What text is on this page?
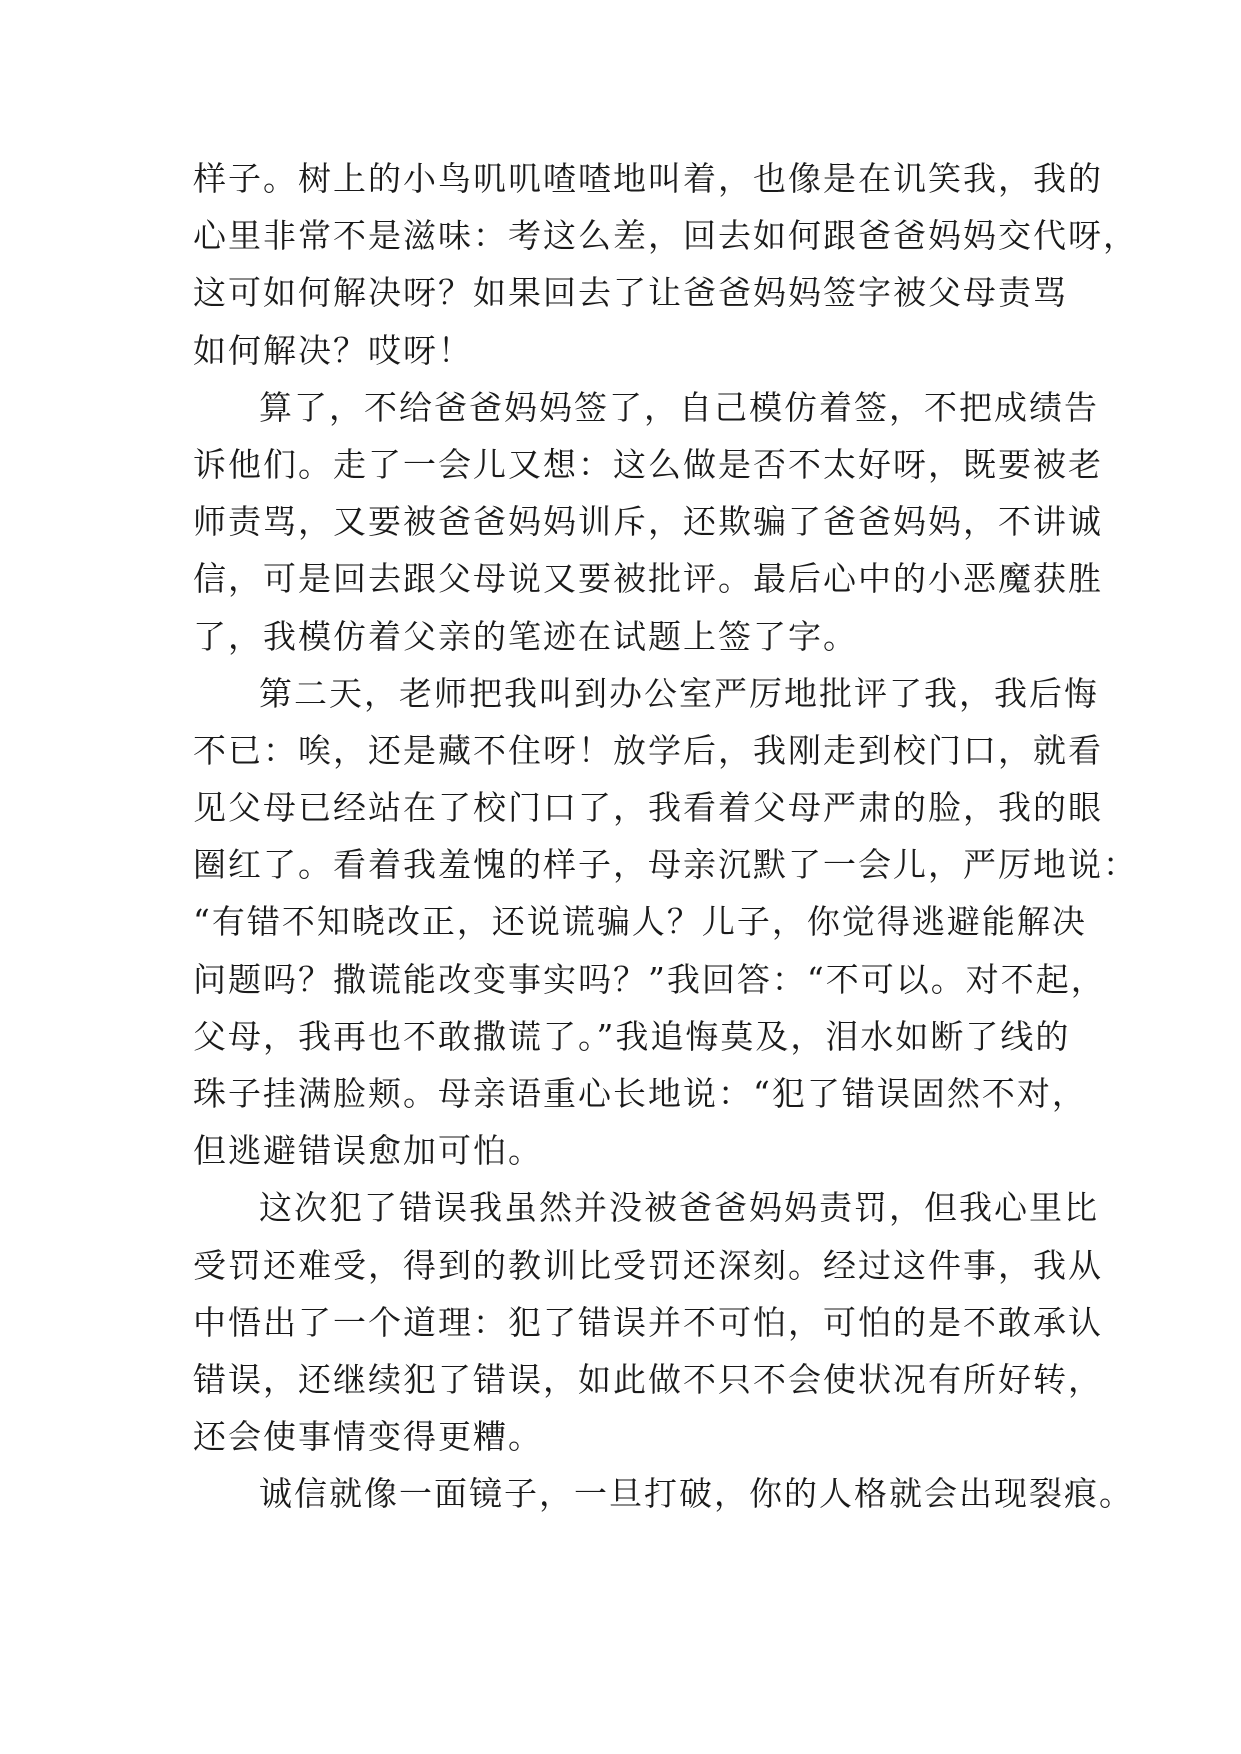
样子。树上的小鸟叽叽喳喳地叫着，也像是在讥笑我，我的
心里非常不是滋味：考这么差，回去如何跟爸爸妈妈交代呀，
这可如何解决呀？如果回去了让爸爸妈妈签字被父母责骂
如何解决？哎呀！
算了，不给爸爸妈妈签了，自己模仿着签，不把成绩告
诉他们。走了一会儿又想：这么做是否不太好呀，既要被老
师责骂，又要被爸爸妈妈训斥，还欺骗了爸爸妈妈，不讲诚
信，可是回去跟父母说又要被批评。最后心中的小恶魔获胜
了，我模仿着父亲的笔迹在试题上签了字。
第二天，老师把我叫到办公室严厉地批评了我，我后悔
不已：唉，还是藏不住呀！放学后，我刚走到校门口，就看
见父母已经站在了校门口了，我看着父母严肃的脸，我的眼
圈红了。看着我羞愧的样子，母亲沉默了一会儿，严厉地说：
“有错不知晓改正，还说谎骗人？儿子，你觉得逃避能解决
问题吗？撒谎能改变事实吗？”我回答：“不可以。对不起，
父母，我再也不敢撒谎了。”我追悔莫及，泪水如断了线的
珠子挂满脸颊。母亲语重心长地说：“犯了错误固然不对，
但逃避错误愈加可怕。
这次犯了错误我虽然并没被爸爸妈妈责罚，但我心里比
受罚还难受，得到的教训比受罚还深刻。经过这件事，我从
中悟出了一个道理：犯了错误并不可怕，可怕的是不敢承认
错误，还继续犯了错误，如此做不只不会使状况有所好转，
还会使事情变得更糟。
诚信就像一面镜子，一旦打破，你的人格就会出现裂痕。
